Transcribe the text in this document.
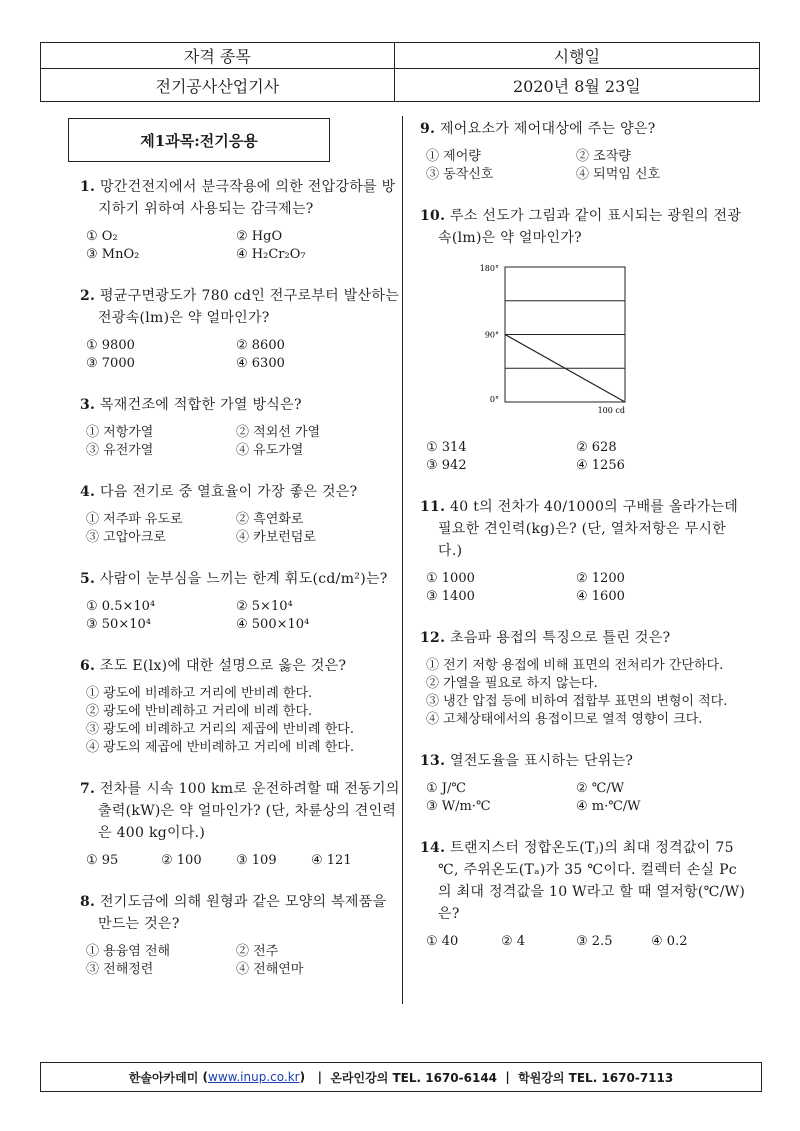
자격 종목	시행일
전기공사산업기사	2020년 8월 23일
제1과목:전기응용
1. 망간건전지에서 분극작용에 의한 전압강하를 방지하기 위하여 사용되는 감극제는?
① O₂	② HgO
③ MnO₂	④ H₂Cr₂O₇
2. 평균구면광도가 780 cd인 전구로부터 발산하는 전광속(lm)은 약 얼마인가?
① 9800	② 8600
③ 7000	④ 6300
3. 목재건조에 적합한 가열 방식은?
① 저항가열	② 적외선 가열
③ 유전가열	④ 유도가열
4. 다음 전기로 중 열효율이 가장 좋은 것은?
① 저주파 유도로	② 흑연화로
③ 고압아크로	④ 카보런덤로
5. 사람이 눈부심을 느끼는 한계 휘도(cd/m²)는?
① 0.5×10⁴	② 5×10⁴
③ 50×10⁴	④ 500×10⁴
6. 조도 E(lx)에 대한 설명으로 옳은 것은?
① 광도에 비례하고 거리에 반비례 한다.
② 광도에 반비례하고 거리에 비례 한다.
③ 광도에 비례하고 거리의 제곱에 반비례 한다.
④ 광도의 제곱에 반비례하고 거리에 비례 한다.
7. 전차를 시속 100 km로 운전하려할 때 전동기의 출력(kW)은 약 얼마인가? (단, 차륜상의 견인력은 400 kg이다.)
① 95	② 100	③ 109	④ 121
8. 전기도금에 의해 원형과 같은 모양의 복제품을 만드는 것은?
① 용융염 전해	② 전주
③ 전해정련	④ 전해연마
9. 제어요소가 제어대상에 주는 양은?
① 제어량	② 조작량
③ 동작신호	④ 되먹임 신호
10. 루소 선도가 그림과 같이 표시되는 광원의 전광속(lm)은 약 얼마인가?
180°
90°
0°
100 cd
① 314	② 628
③ 942	④ 1256
11. 40 t의 전차가 40/1000의 구배를 올라가는데 필요한 견인력(kg)은? (단, 열차저항은 무시한다.)
① 1000	② 1200
③ 1400	④ 1600
12. 초음파 용접의 특징으로 틀린 것은?
① 전기 저항 용접에 비해 표면의 전처리가 간단하다.
② 가열을 필요로 하지 않는다.
③ 냉간 압접 등에 비하여 접합부 표면의 변형이 적다.
④ 고체상태에서의 용접이므로 열적 영향이 크다.
13. 열전도율을 표시하는 단위는?
① J/℃	② ℃/W
③ W/m·℃	④ m·℃/W
14. 트랜지스터 정합온도(Tⱼ)의 최대 정격값이 75 ℃, 주위온도(Tₐ)가 35 ℃이다. 컬렉터 손실 Pc의 최대 정격값을 10 W라고 할 때 열저항(℃/W)은?
① 40	② 4	③ 2.5	④ 0.2
한솔아카데미 ( www.inup.co.kr )   | 온라인강의 TEL. 1670-6144 | 학원강의 TEL. 1670-7113
